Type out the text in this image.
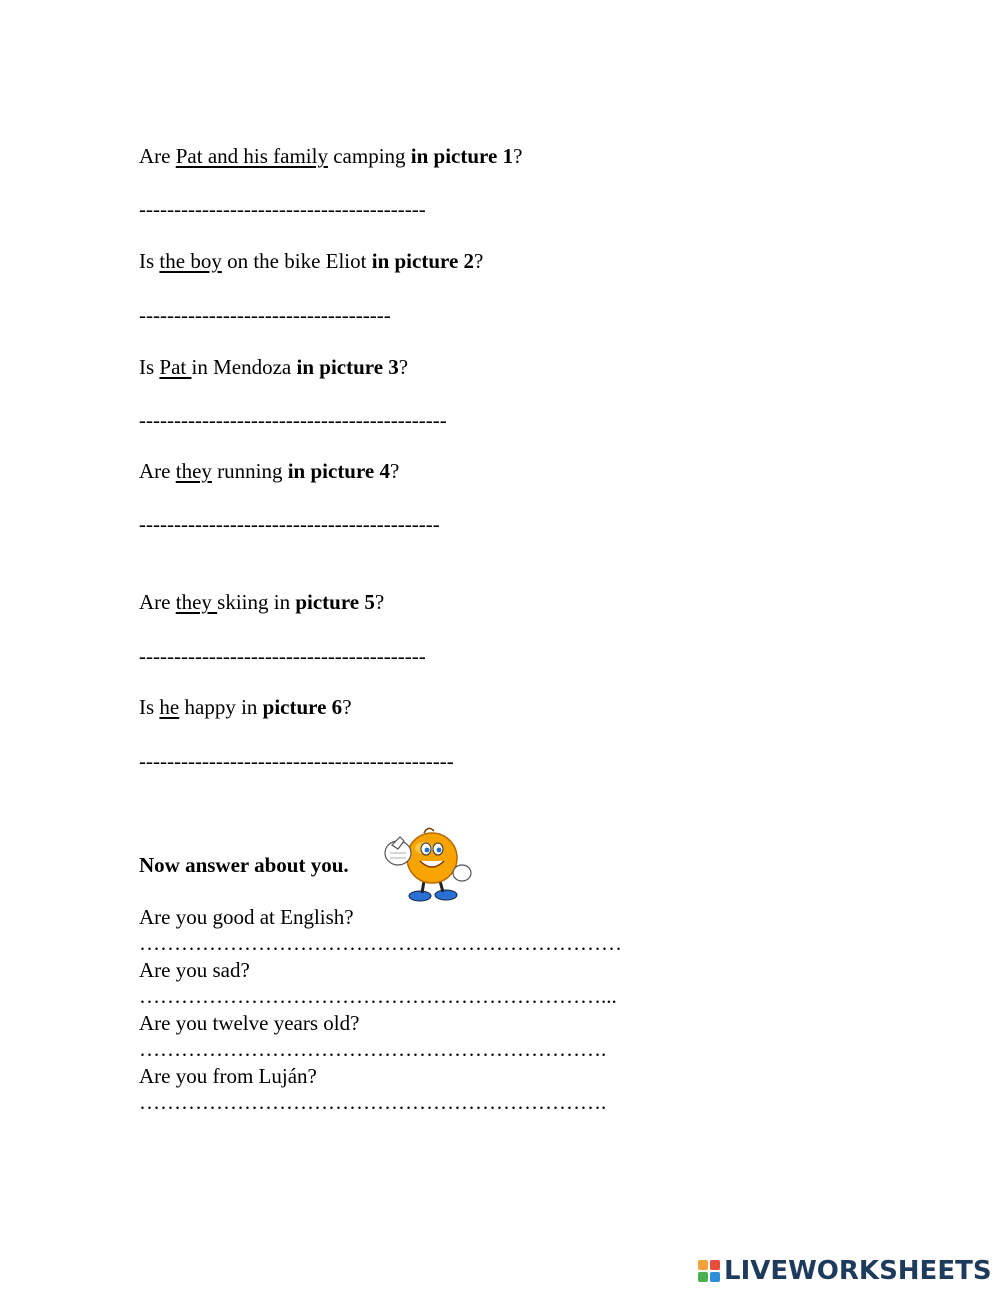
Are Pat and his family camping in picture 1?
-----------------------------------------
Is the boy on the bike Eliot in picture 2?
------------------------------------
Is Pat in Mendoza in picture 3?
--------------------------------------------
Are they running in picture 4?
-------------------------------------------
Are they skiing in picture 5?
-----------------------------------------
Is he happy in picture 6?
---------------------------------------------
Now answer about you.
Are you good at English?
……………………………………………………………
Are you sad?
…………………………………………………………...
Are you twelve years old?
………………………………………………………….
Are you from Luján?
………………………………………………………….
LIVEWORKSHEETS
